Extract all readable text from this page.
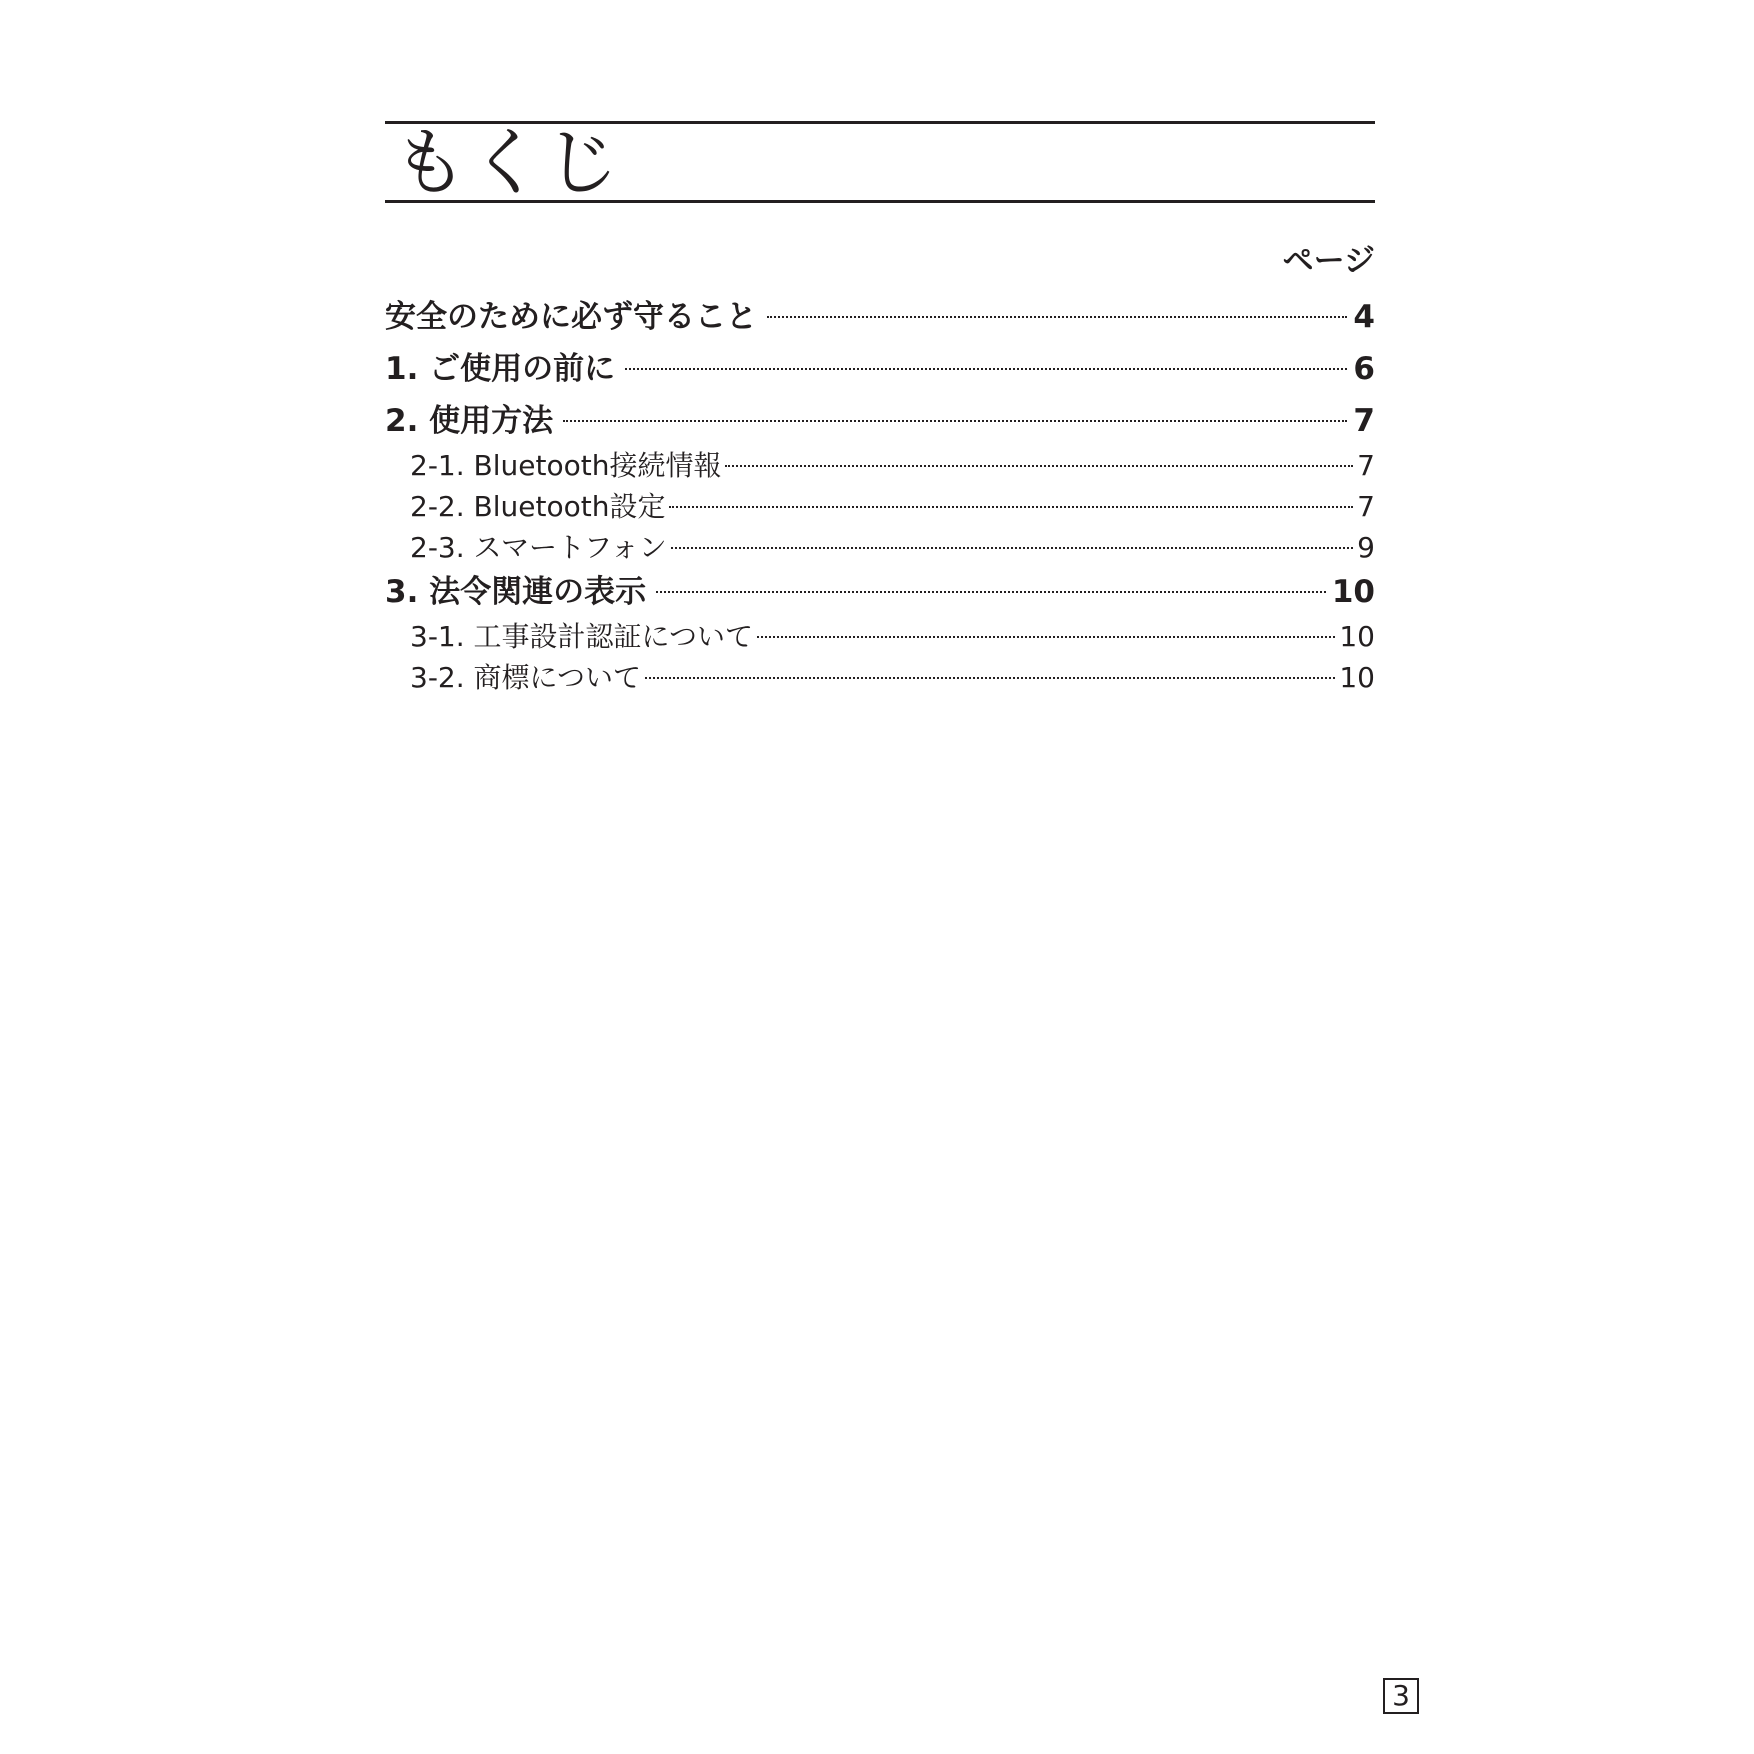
もくじ
ページ
安全のために必ず守ること	4
1. ご使用の前に	6
2. 使用方法	7
2-1. Bluetooth接続情報	7
2-2. Bluetooth設定	7
2-3. スマートフォン	9
3. 法令関連の表示	10
3-1. 工事設計認証について	10
3-2. 商標について	10
3
